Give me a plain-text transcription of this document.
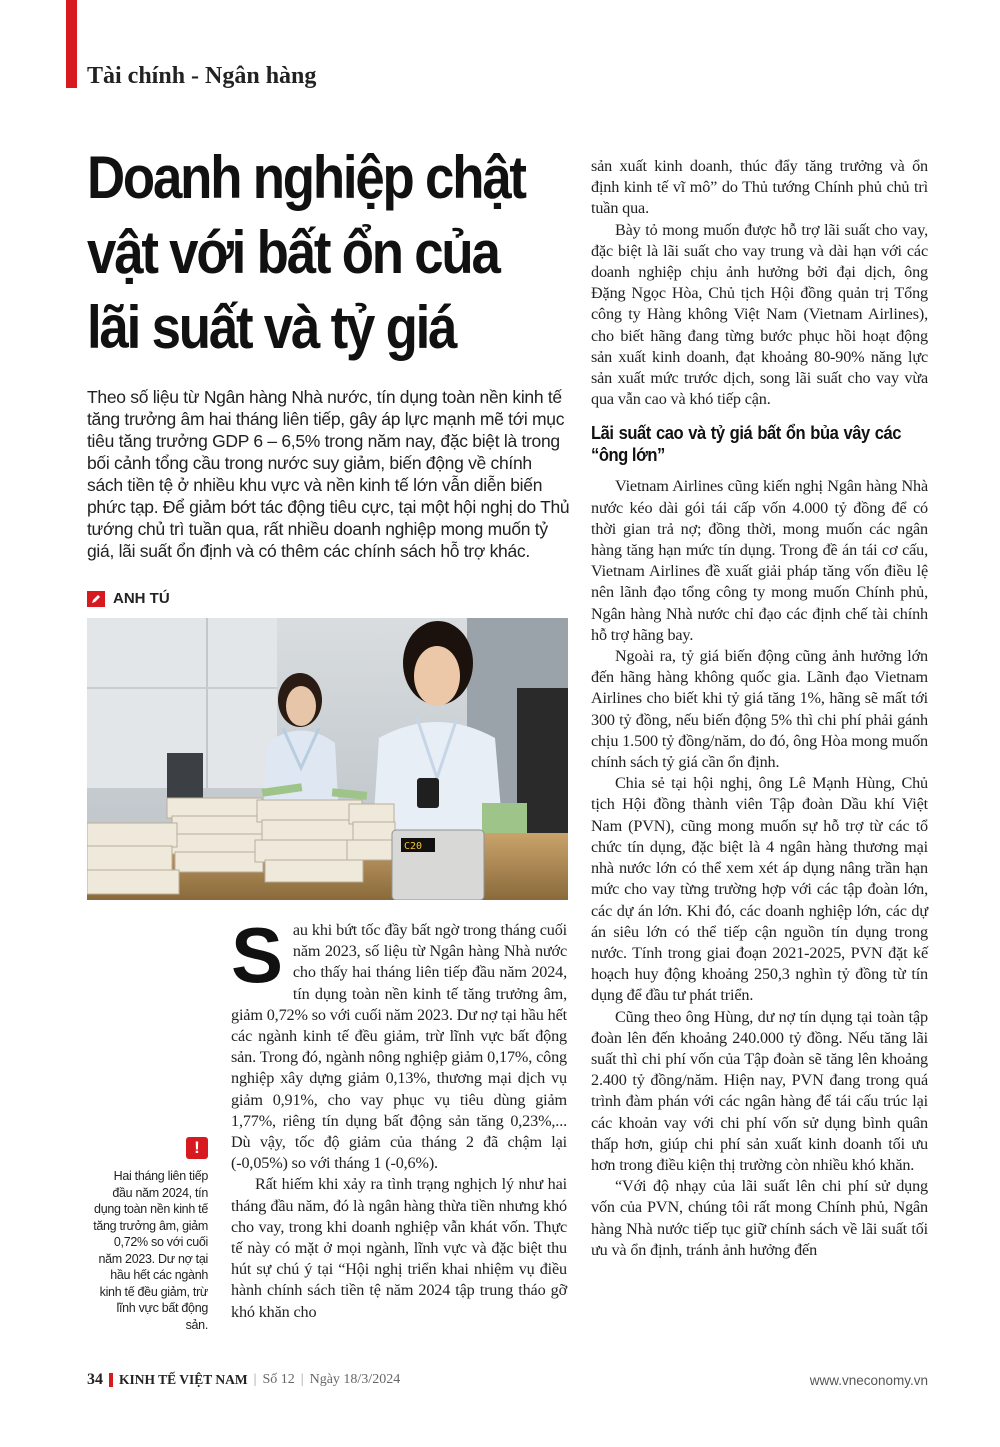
Tài chính - Ngân hàng
Doanh nghiệp chật vật với bất ổn của lãi suất và tỷ giá

Theo số liệu từ Ngân hàng Nhà nước, tín dụng toàn nền kinh tế tăng trưởng âm hai tháng liên tiếp, gây áp lực mạnh mẽ tới mục tiêu tăng trưởng GDP 6 – 6,5% trong năm nay, đặc biệt là trong bối cảnh tổng cầu trong nước suy giảm, biến động về chính sách tiền tệ ở nhiều khu vực và nền kinh tế lớn vẫn diễn biến phức tạp. Để giảm bớt tác động tiêu cực, tại một hội nghị do Thủ tướng chủ trì tuần qua, rất nhiều doanh nghiệp mong muốn tỷ giá, lãi suất ổn định và có thêm các chính sách hỗ trợ khác.

ANH TÚ
C20
S au khi bứt tốc đầy bất ngờ trong tháng cuối năm 2023, số liệu từ Ngân hàng Nhà nước cho thấy hai tháng liên tiếp đầu năm 2024, tín dụng toàn nền kinh tế tăng trưởng âm, giảm 0,72% so với cuối năm 2023. Dư nợ tại hầu hết các ngành kinh tế đều giảm, trừ lĩnh vực bất động sản. Trong đó, ngành nông nghiệp giảm 0,17%, công nghiệp xây dựng giảm 0,13%, thương mại dịch vụ giảm 0,91%, cho vay phục vụ tiêu dùng giảm 1,77%, riêng tín dụng bất động sản tăng 0,23%,... Dù vậy, tốc độ giảm của tháng 2 đã chậm lại (-0,05%) so với tháng 1 (-0,6%).

Rất hiếm khi xảy ra tình trạng nghịch lý như hai tháng đầu năm, đó là ngân hàng thừa tiền nhưng khó cho vay, trong khi doanh nghiệp vẫn khát vốn. Thực tế này có mặt ở mọi ngành, lĩnh vực và đặc biệt thu hút sự chú ý tại “Hội nghị triển khai nhiệm vụ điều hành chính sách tiền tệ năm 2024 tập trung tháo gỡ khó khăn cho

!

Hai tháng liên tiếp đầu năm 2024, tín dụng toàn nền kinh tế tăng trưởng âm, giảm 0,72% so với cuối năm 2023. Dư nợ tại hầu hết các ngành kinh tế đều giảm, trừ lĩnh vực bất động sản.

sản xuất kinh doanh, thúc đẩy tăng trưởng và ổn định kinh tế vĩ mô” do Thủ tướng Chính phủ chủ trì tuần qua.

Bày tỏ mong muốn được hỗ trợ lãi suất cho vay, đặc biệt là lãi suất cho vay trung và dài hạn với các doanh nghiệp chịu ảnh hưởng bởi đại dịch, ông Đặng Ngọc Hòa, Chủ tịch Hội đồng quản trị Tổng công ty Hàng không Việt Nam (Vietnam Airlines), cho biết hãng đang từng bước phục hồi hoạt động sản xuất kinh doanh, đạt khoảng 80-90% năng lực sản xuất mức trước dịch, song lãi suất cho vay vừa qua vẫn cao và khó tiếp cận.

Lãi suất cao và tỷ giá bất ổn bủa vây các “ông lớn”

Vietnam Airlines cũng kiến nghị Ngân hàng Nhà nước kéo dài gói tái cấp vốn 4.000 tỷ đồng để có thời gian trả nợ; đồng thời, mong muốn các ngân hàng tăng hạn mức tín dụng. Trong đề án tái cơ cấu, Vietnam Airlines đề xuất giải pháp tăng vốn điều lệ nên lãnh đạo tổng công ty mong muốn Chính phủ, Ngân hàng Nhà nước chỉ đạo các định chế tài chính hỗ trợ hãng bay.

Ngoài ra, tỷ giá biến động cũng ảnh hưởng lớn đến hãng hàng không quốc gia. Lãnh đạo Vietnam Airlines cho biết khi tỷ giá tăng 1%, hãng sẽ mất tới 300 tỷ đồng, nếu biến động 5% thì chi phí phải gánh chịu 1.500 tỷ đồng/năm, do đó, ông Hòa mong muốn chính sách tỷ giá cần ổn định.

Chia sẻ tại hội nghị, ông Lê Mạnh Hùng, Chủ tịch Hội đồng thành viên Tập đoàn Dầu khí Việt Nam (PVN), cũng mong muốn sự hỗ trợ từ các tổ chức tín dụng, đặc biệt là 4 ngân hàng thương mại nhà nước lớn có thể xem xét áp dụng nâng trần hạn mức cho vay từng trường hợp với các tập đoàn lớn, các dự án lớn. Khi đó, các doanh nghiệp lớn, các dự án siêu lớn có thể tiếp cận nguồn tín dụng trong nước. Tính trong giai đoạn 2021-2025, PVN đặt kế hoạch huy động khoảng 250,3 nghìn tỷ đồng từ tín dụng để đầu tư phát triển.

Cũng theo ông Hùng, dư nợ tín dụng tại toàn tập đoàn lên đến khoảng 240.000 tỷ đồng. Nếu tăng lãi suất thì chi phí vốn của Tập đoàn sẽ tăng lên khoảng 2.400 tỷ đồng/năm. Hiện nay, PVN đang trong quá trình đàm phán với các ngân hàng để tái cấu trúc lại các khoản vay với chi phí vốn sử dụng bình quân thấp hơn, giúp chi phí sản xuất kinh doanh tối ưu hơn trong điều kiện thị trường còn nhiều khó khăn.

“Với độ nhạy của lãi suất lên chi phí sử dụng vốn của PVN, chúng tôi rất mong Chính phủ, Ngân hàng Nhà nước tiếp tục giữ chính sách về lãi suất tối ưu và ổn định, tránh ảnh hưởng đến

34 KINH TẾ VIỆT NAM | Số 12 | Ngày 18/3/2024	www.vneconomy.vn
